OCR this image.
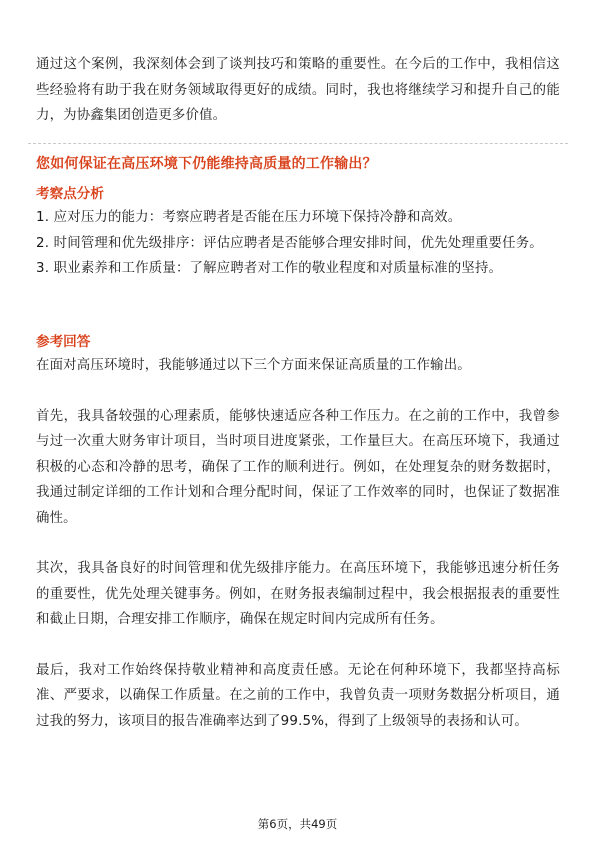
通过这个案例，我深刻体会到了谈判技巧和策略的重要性。在今后的工作中，我相信这些经验将有助于我在财务领域取得更好的成绩。同时，我也将继续学习和提升自己的能力，为协鑫集团创造更多价值。

您如何保证在高压环境下仍能维持高质量的工作输出？

考察点分析

1. 应对压力的能力：考察应聘者是否能在压力环境下保持冷静和高效。

2. 时间管理和优先级排序：评估应聘者是否能够合理安排时间，优先处理重要任务。

3. 职业素养和工作质量：了解应聘者对工作的敬业程度和对质量标准的坚持。

参考回答

在面对高压环境时，我能够通过以下三个方面来保证高质量的工作输出。

首先，我具备较强的心理素质，能够快速适应各种工作压力。在之前的工作中，我曾参与过一次重大财务审计项目，当时项目进度紧张，工作量巨大。在高压环境下，我通过积极的心态和冷静的思考，确保了工作的顺利进行。例如，在处理复杂的财务数据时，我通过制定详细的工作计划和合理分配时间，保证了工作效率的同时，也保证了数据准确性。

其次，我具备良好的时间管理和优先级排序能力。在高压环境下，我能够迅速分析任务的重要性，优先处理关键事务。例如，在财务报表编制过程中，我会根据报表的重要性和截止日期，合理安排工作顺序，确保在规定时间内完成所有任务。

最后，我对工作始终保持敬业精神和高度责任感。无论在何种环境下，我都坚持高标准、严要求，以确保工作质量。在之前的工作中，我曾负责一项财务数据分析项目，通过我的努力，该项目的报告准确率达到了99.5%，得到了上级领导的表扬和认可。

第6页，共49页
